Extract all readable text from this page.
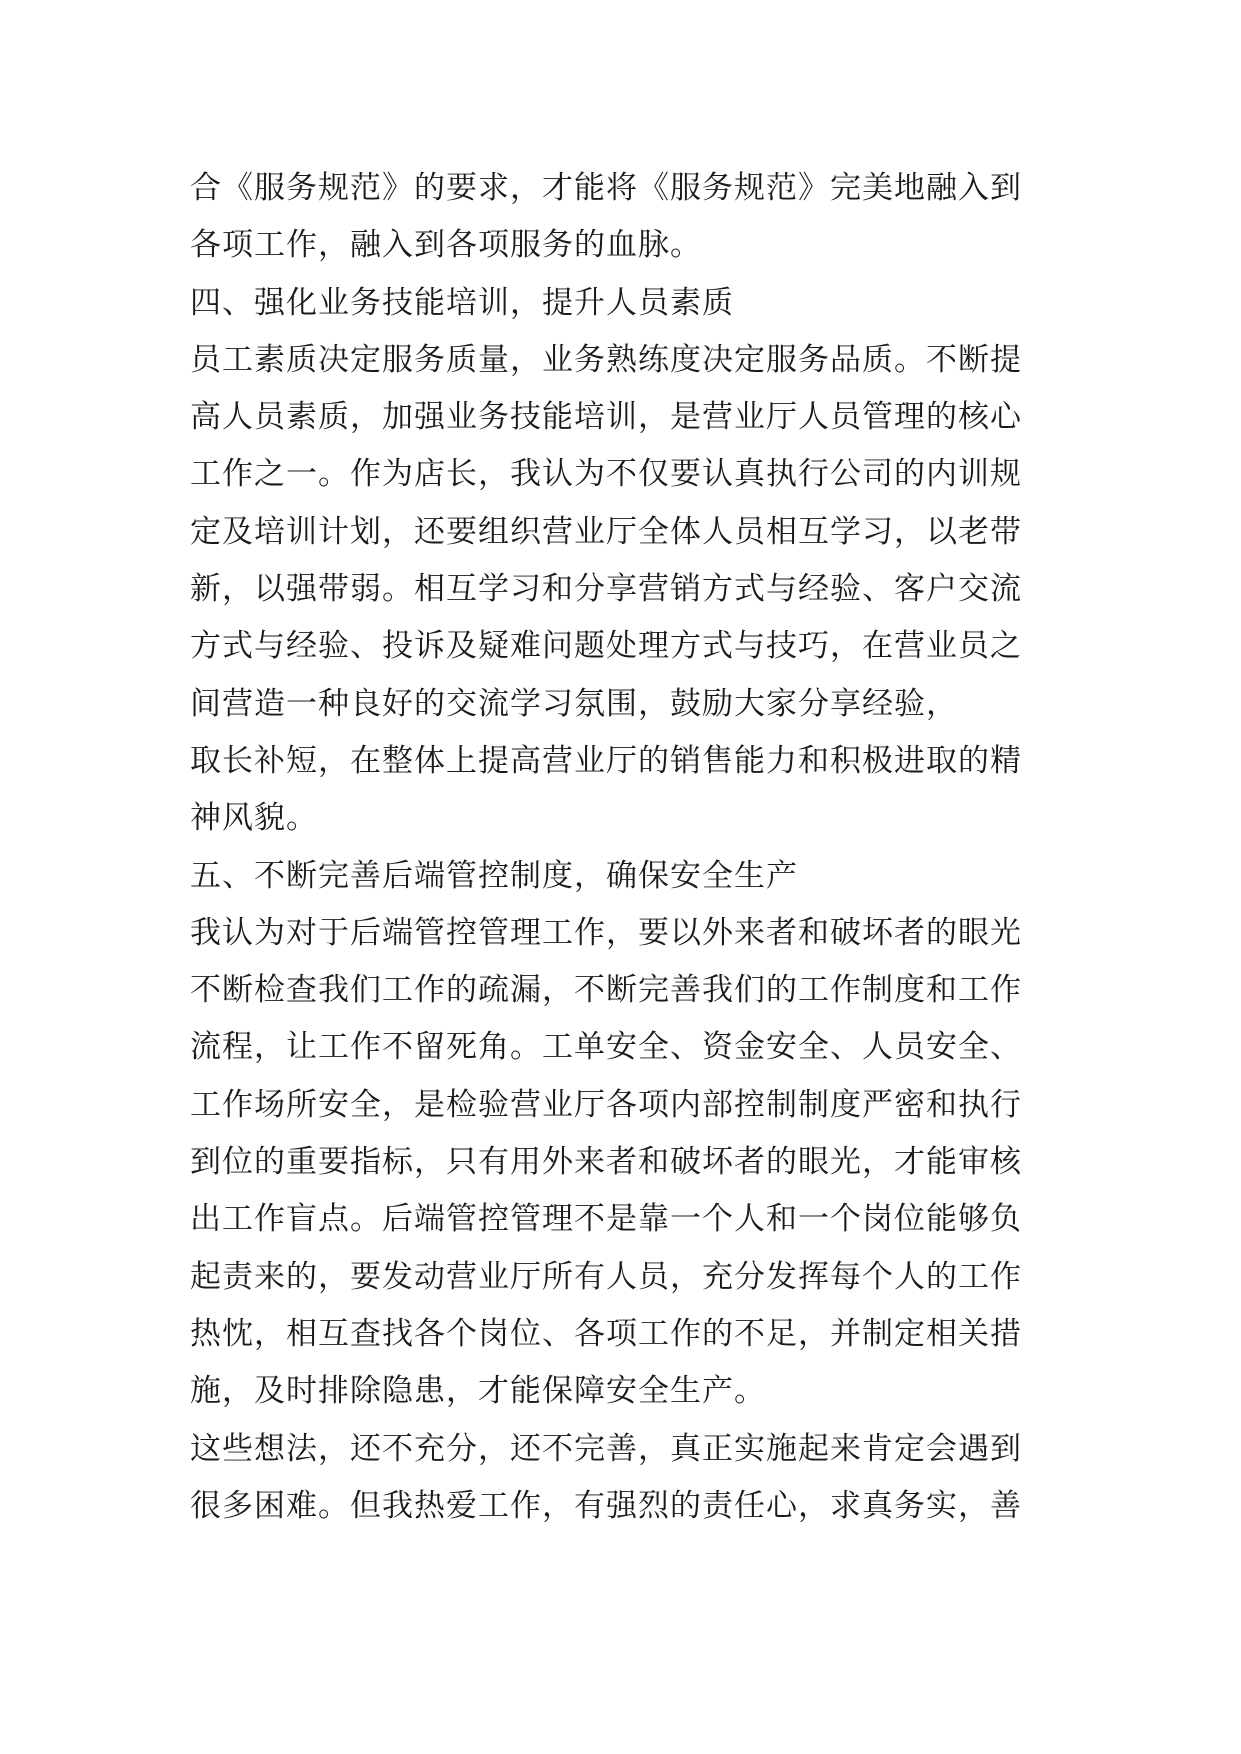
合《服务规范》的要求，才能将《服务规范》完美地融入到
各项工作，融入到各项服务的血脉。
四、强化业务技能培训，提升人员素质
员工素质决定服务质量，业务熟练度决定服务品质。不断提
高人员素质，加强业务技能培训，是营业厅人员管理的核心
工作之一。作为店长，我认为不仅要认真执行公司的内训规
定及培训计划，还要组织营业厅全体人员相互学习，以老带
新，以强带弱。相互学习和分享营销方式与经验、客户交流
方式与经验、投诉及疑难问题处理方式与技巧，在营业员之
间营造一种良好的交流学习氛围，鼓励大家分享经验，
取长补短，在整体上提高营业厅的销售能力和积极进取的精
神风貌。
五、不断完善后端管控制度，确保安全生产
我认为对于后端管控管理工作，要以外来者和破坏者的眼光
不断检查我们工作的疏漏，不断完善我们的工作制度和工作
流程，让工作不留死角。工单安全、资金安全、人员安全、
工作场所安全，是检验营业厅各项内部控制制度严密和执行
到位的重要指标，只有用外来者和破坏者的眼光，才能审核
出工作盲点。后端管控管理不是靠一个人和一个岗位能够负
起责来的，要发动营业厅所有人员，充分发挥每个人的工作
热忱，相互查找各个岗位、各项工作的不足，并制定相关措
施，及时排除隐患，才能保障安全生产。
这些想法，还不充分，还不完善，真正实施起来肯定会遇到
很多困难。但我热爱工作，有强烈的责任心，求真务实，善
